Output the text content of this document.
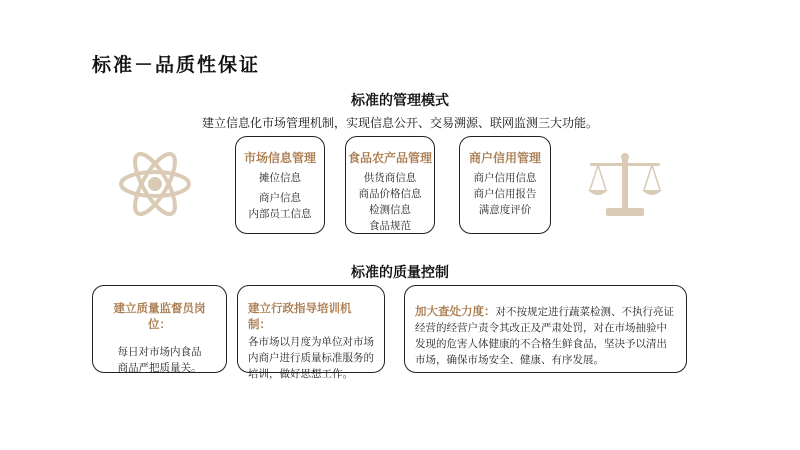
标准－品质性保证
标准的管理模式
建立信息化市场管理机制，实现信息公开、交易溯源、联网监测三大功能。
市场信息管理
摊位信息
商户信息
内部员工信息
食品农产品管理
供货商信息
商品价格信息
检测信息
食品规范
商户信用管理
商户信用信息
商户信用报告
满意度评价
标准的质量控制
建立质量监督员岗位：
每日对市场内食品
商品严把质量关。
建立行政指导培训机制：
各市场以月度为单位对市场
内商户进行质量标准服务的
培训，做好思想工作。
加大查处力度：对不按规定进行蔬菜检测、不执行亮证
经营的经营户责令其改正及严肃处罚，对在市场抽验中
发现的危害人体健康的不合格生鲜食品，坚决予以清出
市场，确保市场安全、健康、有序发展。
